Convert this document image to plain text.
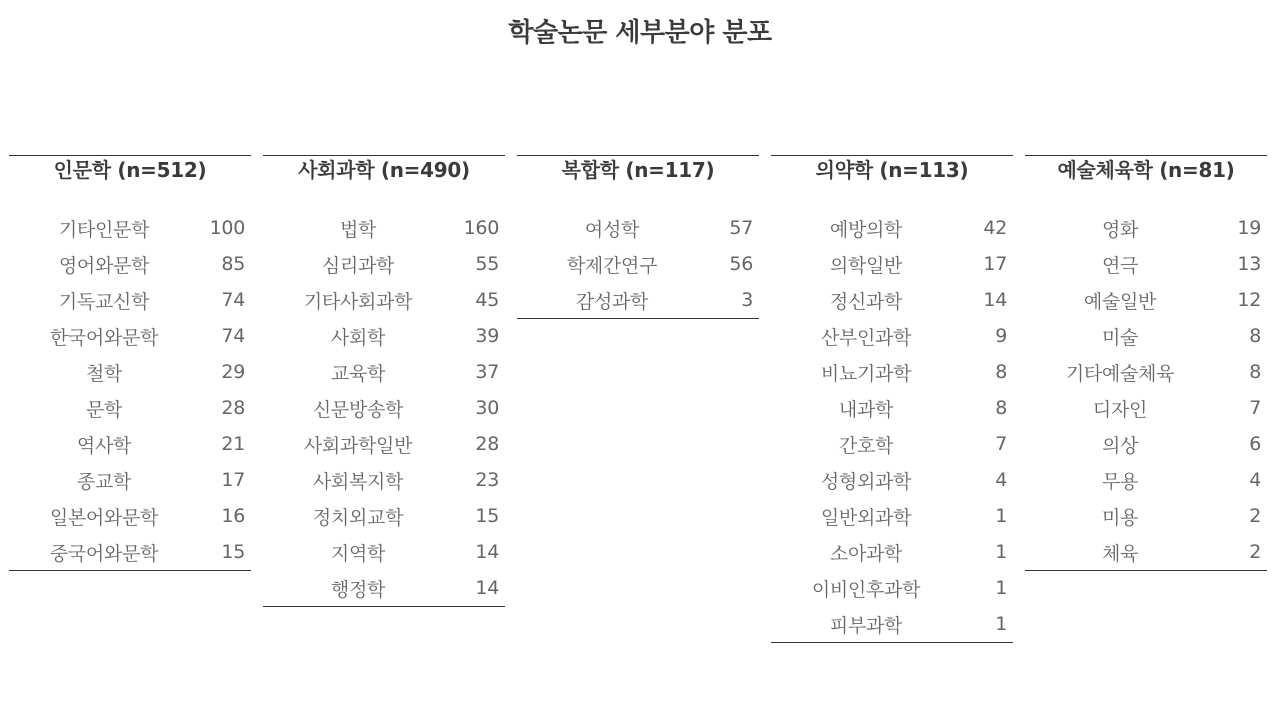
학술논문 세부분야 분포
인문학 (n=512)
기타인문학	100
영어와문학	85
기독교신학	74
한국어와문학	74
철학	29
문학	28
역사학	21
종교학	17
일본어와문학	16
중국어와문학	15
사회과학 (n=490)
법학	160
심리과학	55
기타사회과학	45
사회학	39
교육학	37
신문방송학	30
사회과학일반	28
사회복지학	23
정치외교학	15
지역학	14
행정학	14
복합학 (n=117)
여성학	57
학제간연구	56
감성과학	3
의약학 (n=113)
예방의학	42
의학일반	17
정신과학	14
산부인과학	9
비뇨기과학	8
내과학	8
간호학	7
성형외과학	4
일반외과학	1
소아과학	1
이비인후과학	1
피부과학	1
예술체육학 (n=81)
영화	19
연극	13
예술일반	12
미술	8
기타예술체육	8
디자인	7
의상	6
무용	4
미용	2
체육	2
